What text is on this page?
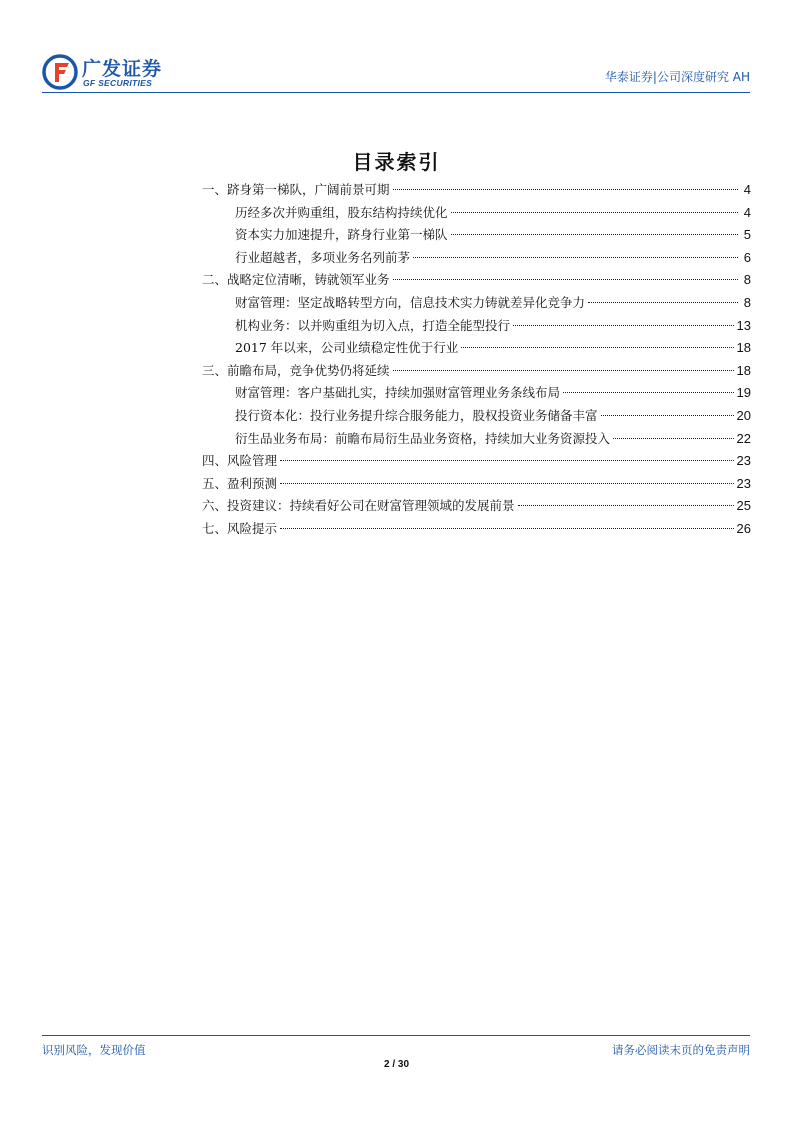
广发证券
GF SECURITIES	华泰证券|公司深度研究 AH
目录索引
一、跻身第一梯队，广阔前景可期	4
历经多次并购重组，股东结构持续优化	4
资本实力加速提升，跻身行业第一梯队	5
行业超越者，多项业务名列前茅	6
二、战略定位清晰，铸就领军业务	8
财富管理：坚定战略转型方向，信息技术实力铸就差异化竞争力	8
机构业务：以并购重组为切入点，打造全能型投行	13
2017 年以来，公司业绩稳定性优于行业	18
三、前瞻布局，竞争优势仍将延续	18
财富管理：客户基础扎实，持续加强财富管理业务条线布局	19
投行资本化：投行业务提升综合服务能力，股权投资业务储备丰富	20
衍生品业务布局：前瞻布局衍生品业务资格，持续加大业务资源投入	22
四、风险管理	23
五、盈利预测	23
六、投资建议：持续看好公司在财富管理领域的发展前景	25
七、风险提示	26
识别风险，发现价值	请务必阅读末页的免责声明
2 / 30
